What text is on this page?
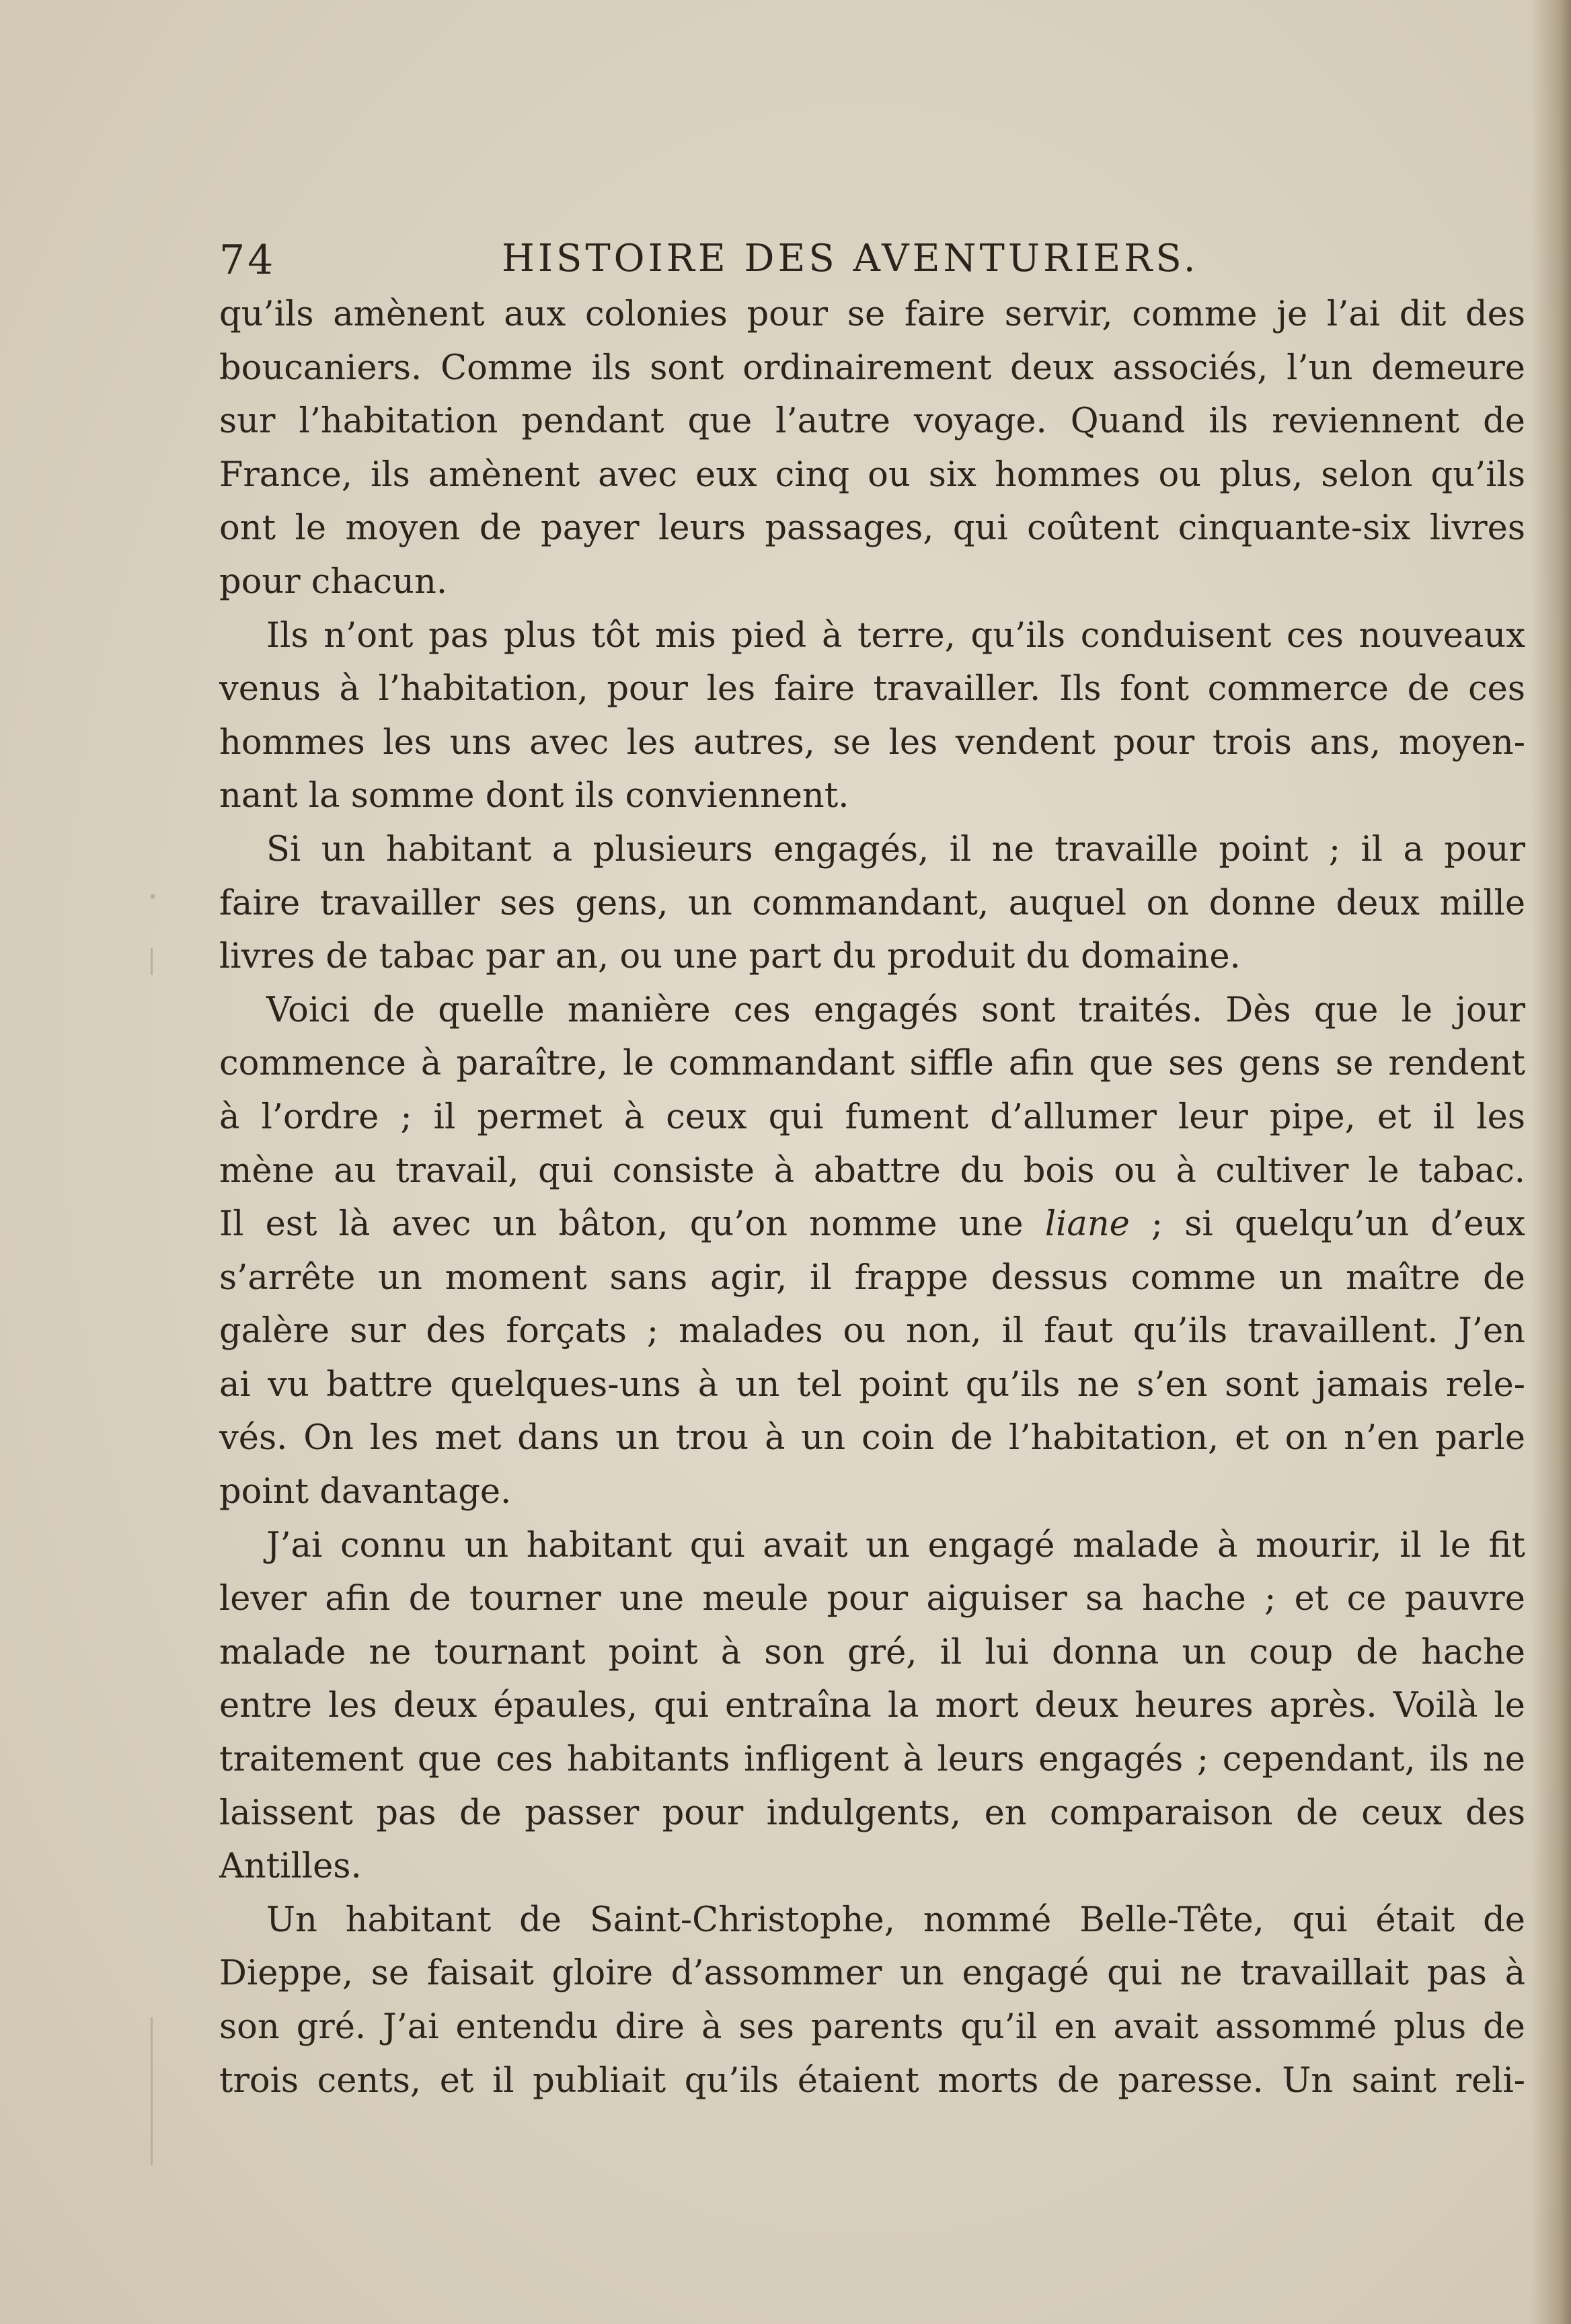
74	HISTOIRE DES AVENTURIERS.
qu’ils amènent aux colonies pour se faire servir, comme je l’ai dit des
boucaniers. Comme ils sont ordinairement deux associés, l’un demeure
sur l’habitation pendant que l’autre voyage. Quand ils reviennent de
France, ils amènent avec eux cinq ou six hommes ou plus, selon qu’ils
ont le moyen de payer leurs passages, qui coûtent cinquante-six livres
pour chacun.
Ils n’ont pas plus tôt mis pied à terre, qu’ils conduisent ces nouveaux
venus à l’habitation, pour les faire travailler. Ils font commerce de ces
hommes les uns avec les autres, se les vendent pour trois ans, moyen-
nant la somme dont ils conviennent.
Si un habitant a plusieurs engagés, il ne travaille point ; il a pour
faire travailler ses gens, un commandant, auquel on donne deux mille
livres de tabac par an, ou une part du produit du domaine.
Voici de quelle manière ces engagés sont traités. Dès que le jour
commence à paraître, le commandant siffle afin que ses gens se rendent
à l’ordre ; il permet à ceux qui fument d’allumer leur pipe, et il les
mène au travail, qui consiste à abattre du bois ou à cultiver le tabac.
Il est là avec un bâton, qu’on nomme une liane ; si quelqu’un d’eux
s’arrête un moment sans agir, il frappe dessus comme un maître de
galère sur des forçats ; malades ou non, il faut qu’ils travaillent. J’en
ai vu battre quelques-uns à un tel point qu’ils ne s’en sont jamais rele-
vés. On les met dans un trou à un coin de l’habitation, et on n’en parle
point davantage.
J’ai connu un habitant qui avait un engagé malade à mourir, il le fit
lever afin de tourner une meule pour aiguiser sa hache ; et ce pauvre
malade ne tournant point à son gré, il lui donna un coup de hache
entre les deux épaules, qui entraîna la mort deux heures après. Voilà le
traitement que ces habitants infligent à leurs engagés ; cependant, ils ne
laissent pas de passer pour indulgents, en comparaison de ceux des
Antilles.
Un habitant de Saint-Christophe, nommé Belle-Tête, qui était de
Dieppe, se faisait gloire d’assommer un engagé qui ne travaillait pas à
son gré. J’ai entendu dire à ses parents qu’il en avait assommé plus de
trois cents, et il publiait qu’ils étaient morts de paresse. Un saint reli-
